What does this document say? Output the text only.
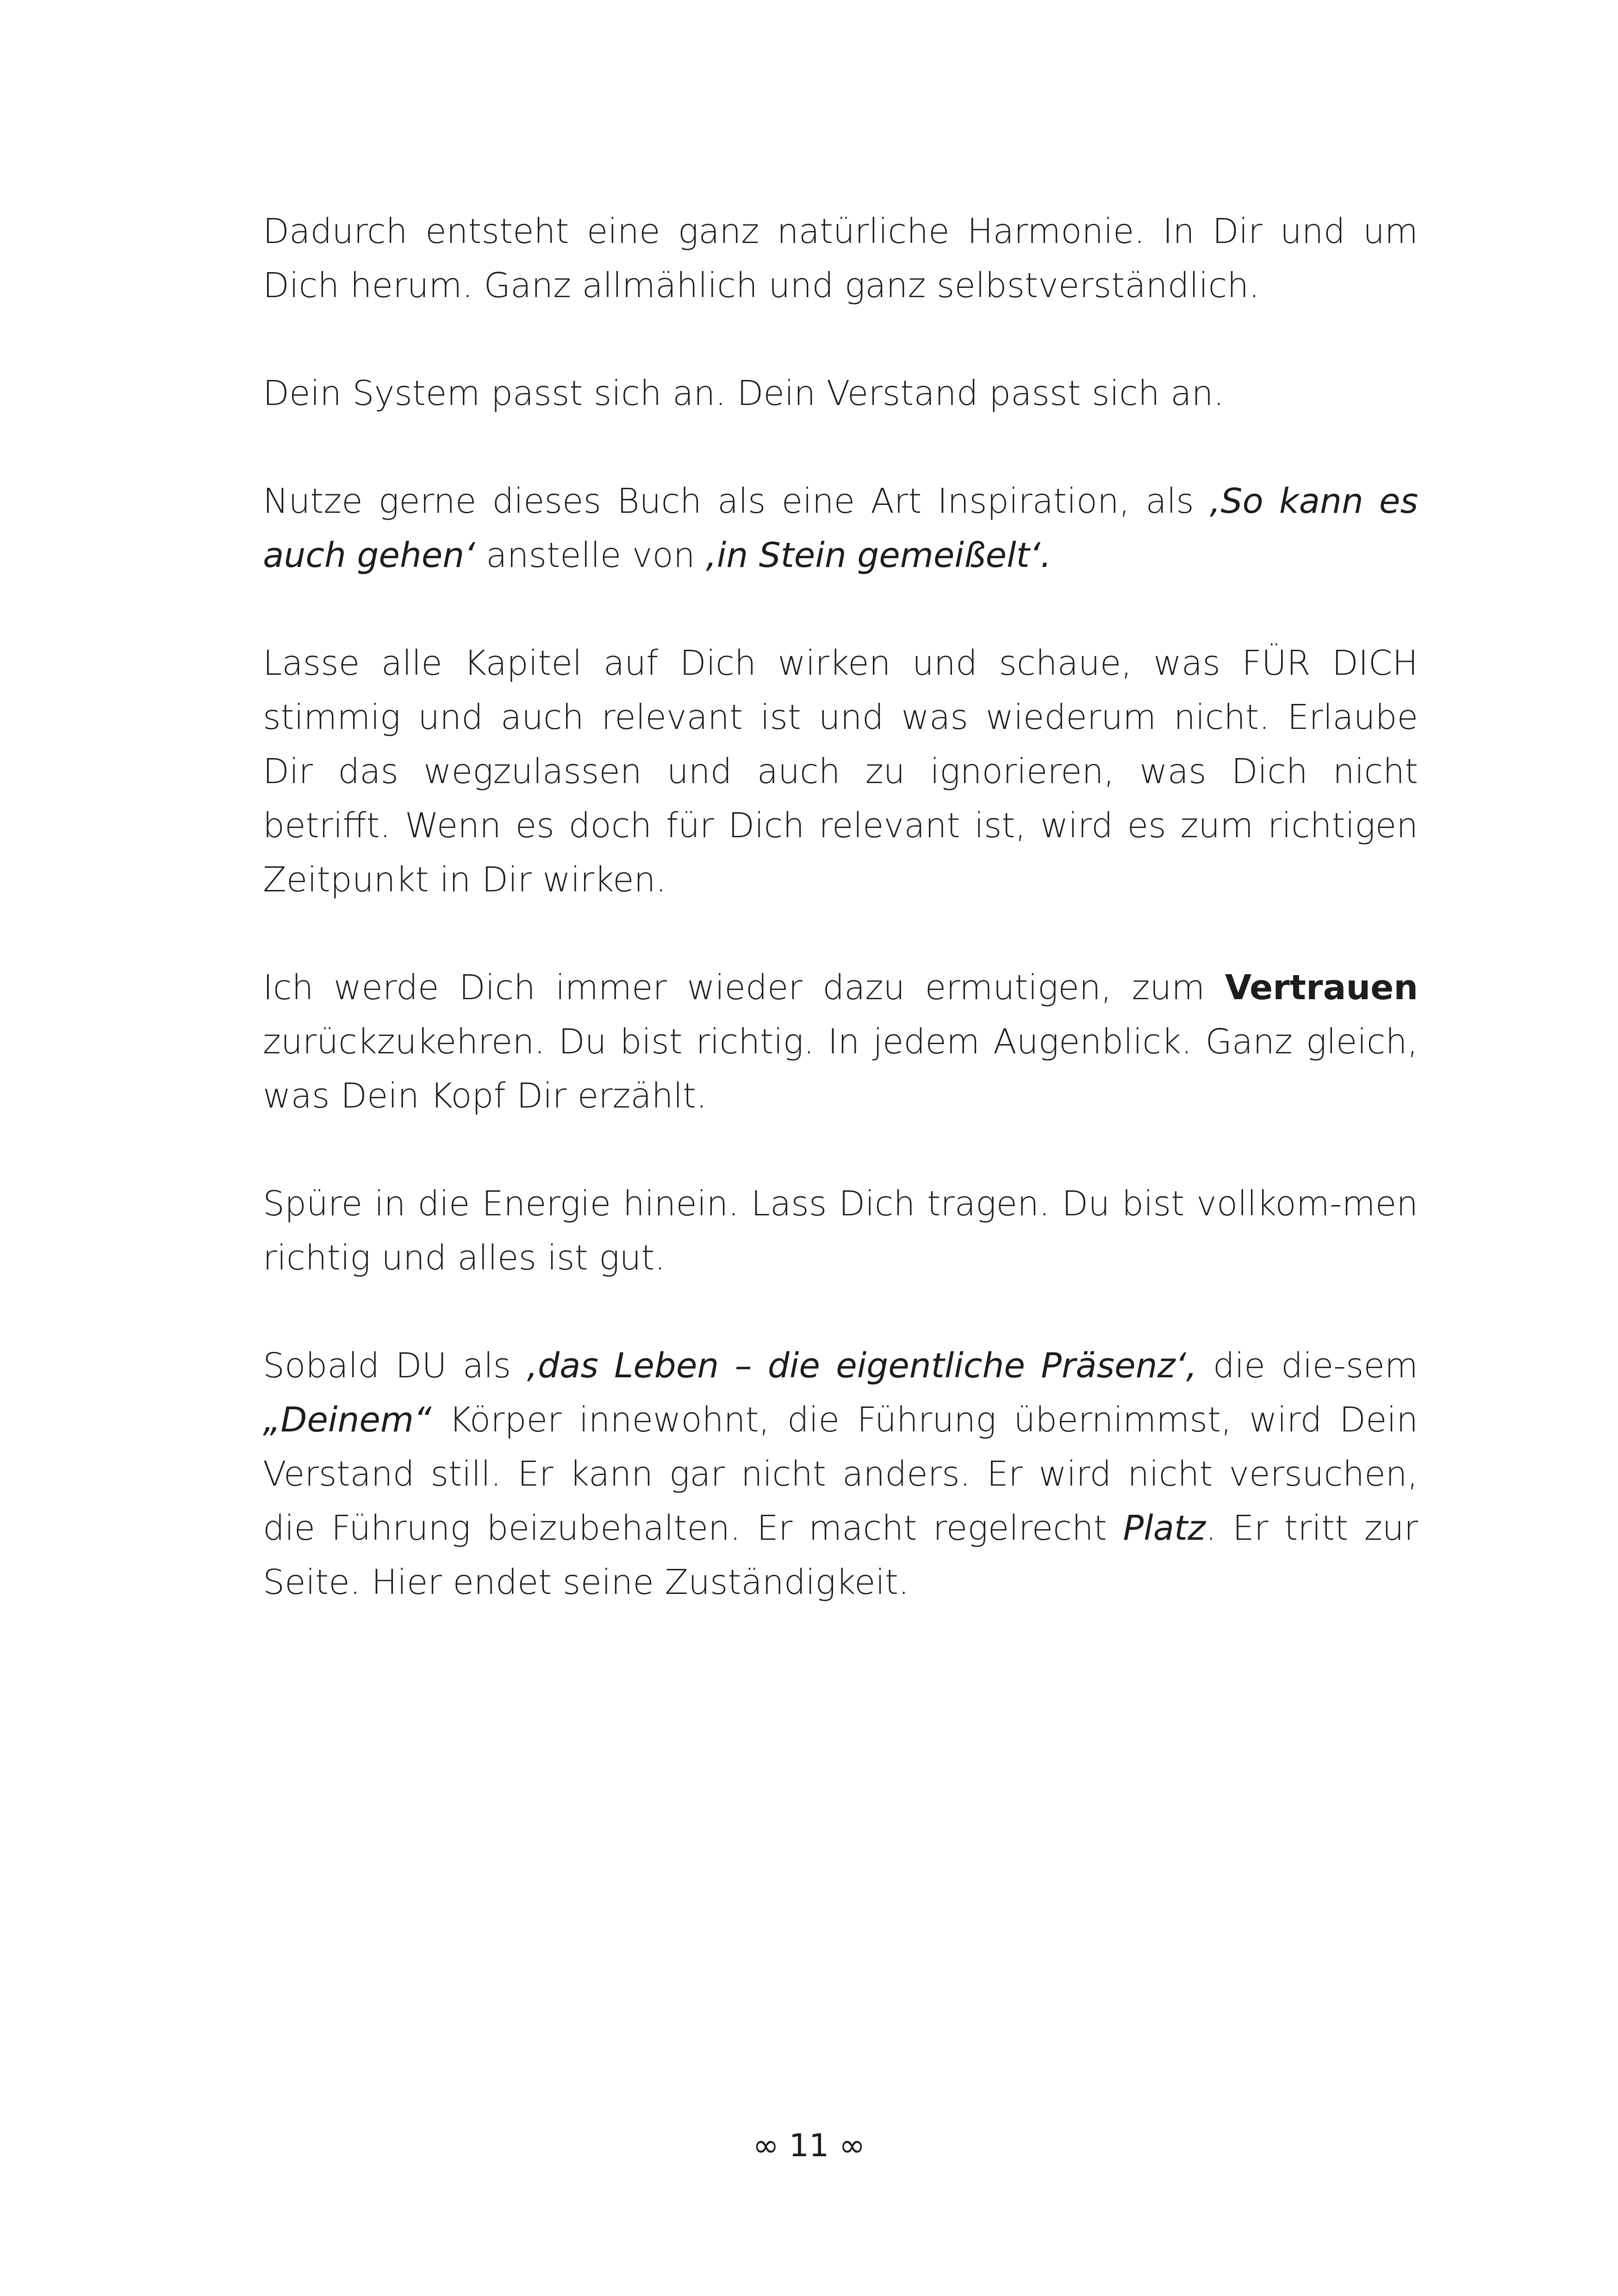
Dadurch entsteht eine ganz natürliche Harmonie. In Dir und um Dich herum. Ganz allmählich und ganz selbstverständlich.

Dein System passt sich an. Dein Verstand passt sich an.

Nutze gerne dieses Buch als eine Art Inspiration, als ‚So kann es auch gehen‘ anstelle von ‚in Stein gemeißelt‘.

Lasse alle Kapitel auf Dich wirken und schaue, was FÜR DICH stimmig und auch relevant ist und was wiederum nicht. Erlaube Dir das wegzulassen und auch zu ignorieren, was Dich nicht betrifft. Wenn es doch für Dich relevant ist, wird es zum richtigen Zeitpunkt in Dir wirken.

Ich werde Dich immer wieder dazu ermutigen, zum Vertrauen zurückzukehren. Du bist richtig. In jedem Augenblick. Ganz gleich, was Dein Kopf Dir erzählt.

Spüre in die Energie hinein. Lass Dich tragen. Du bist vollkom-men richtig und alles ist gut.

Sobald DU als ‚das Leben – die eigentliche Präsenz‘, die die-sem „Deinem“ Körper innewohnt, die Führung übernimmst, wird Dein Verstand still. Er kann gar nicht anders. Er wird nicht versuchen, die Führung beizubehalten. Er macht regelrecht Platz. Er tritt zur Seite. Hier endet seine Zuständigkeit.

∞ 11 ∞
